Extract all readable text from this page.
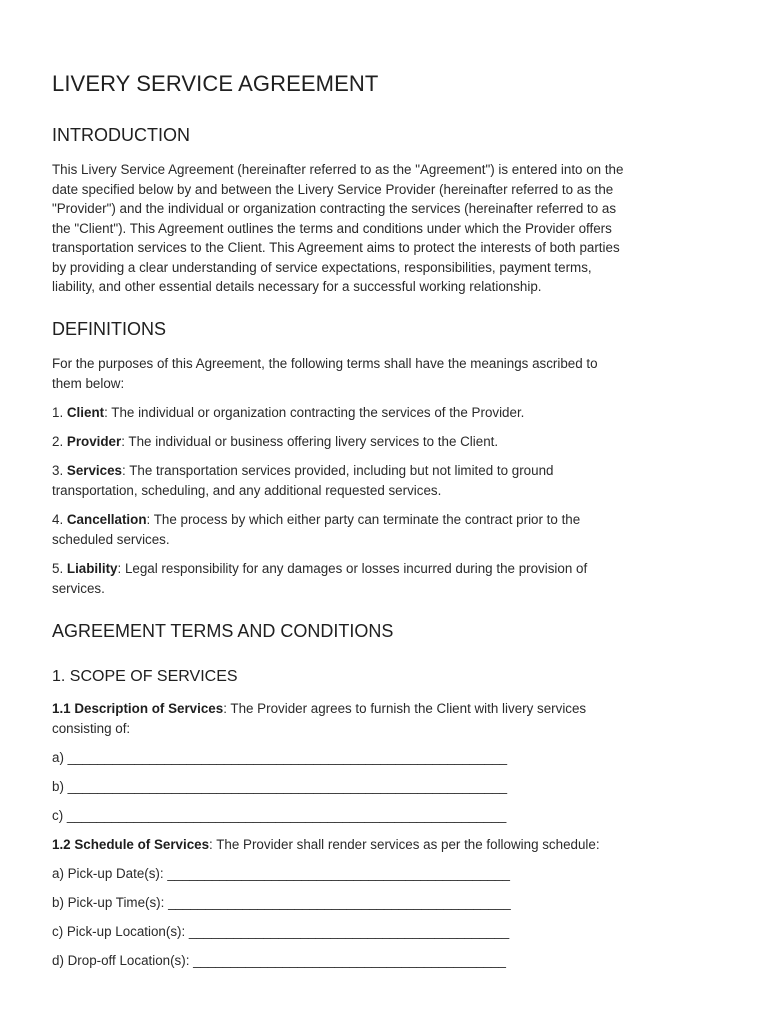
LIVERY SERVICE AGREEMENT
INTRODUCTION

This Livery Service Agreement (hereinafter referred to as the "Agreement") is entered into on the
date specified below by and between the Livery Service Provider (hereinafter referred to as the
"Provider") and the individual or organization contracting the services (hereinafter referred to as
the "Client"). This Agreement outlines the terms and conditions under which the Provider offers
transportation services to the Client. This Agreement aims to protect the interests of both parties
by providing a clear understanding of service expectations, responsibilities, payment terms,
liability, and other essential details necessary for a successful working relationship.

DEFINITIONS

For the purposes of this Agreement, the following terms shall have the meanings ascribed to
them below:

1. Client: The individual or organization contracting the services of the Provider.

2. Provider: The individual or business offering livery services to the Client.

3. Services: The transportation services provided, including but not limited to ground
transportation, scheduling, and any additional requested services.

4. Cancellation: The process by which either party can terminate the contract prior to the
scheduled services.

5. Liability: Legal responsibility for any damages or losses incurred during the provision of
services.

AGREEMENT TERMS AND CONDITIONS
1. SCOPE OF SERVICES

1.1 Description of Services: The Provider agrees to furnish the Client with livery services
consisting of:

a) ___________________________________________________________

b) ___________________________________________________________

c) ___________________________________________________________

1.2 Schedule of Services: The Provider shall render services as per the following schedule:

a) Pick-up Date(s): ______________________________________________

b) Pick-up Time(s): ______________________________________________

c) Pick-up Location(s): ___________________________________________

d) Drop-off Location(s): __________________________________________
